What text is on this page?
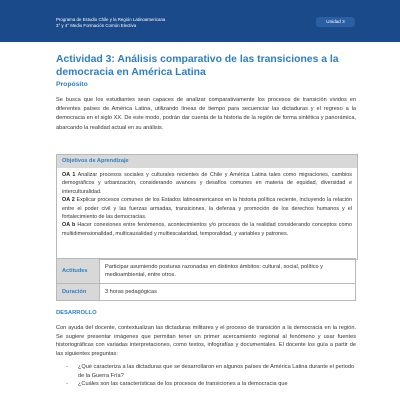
Programa de Estudio Chile y la Región Latinoamericana
3° y 4° Medio Formación Común Electiva
Unidad 3
Actividad 3: Análisis comparativo de las transiciones a la democracia en América Latina
Propósito
Se busca que los estudiantes sean capaces de analizar comparativamente los procesos de transición vividos en diferentes países de América Latina, utilizando líneas de tiempo para secuenciar las dictaduras y el regreso a la democracia en el siglo XX. De este modo, podrán dar cuenta de la historia de la región de forma sintética y panorámica, abarcando la realidad actual en su análisis.
Objetivos de Aprendizaje

OA 1 Analizar procesos sociales y culturales recientes de Chile y América Latina tales como migraciones, cambios demográficos y urbanización, considerando avances y desafíos comunes en materia de equidad, diversidad e interculturalidad.

OA 2 Explicar procesos comunes de los Estados latinoamericanos en la historia política reciente, incluyendo la relación entre el poder civil y las fuerzas armadas, transiciones, la defensa y promoción de los derechos humanos y el fortalecimiento de las democracias.

OA b Hacer conexiones entre fenómenos, acontecimientos y/o procesos de la realidad considerando conceptos como multidimensionalidad, multicausalidad y multiescalaridad, temporalidad, y variables y patrones.

Actitudes	Participar asumiendo posturas razonadas en distintos ámbitos: cultural, social, político y medioambiental, entre otros.
Duración	3 horas pedagógicas
DESARROLLO
Con ayuda del docente, contextualizan las dictaduras militares y el proceso de transición a la democracia en la región. Se sugiere presentar imágenes que permitan tener un primer acercamiento regional al fenómeno y usar fuentes historiográficas con variadas interpretaciones, como textos, infografías y documentales. El docente los guía a partir de las siguientes preguntas:
- ¿Qué caracteriza a las dictaduras que se desarrollaron en algunos países de América Latina durante el periodo de la Guerra Fría?
- ¿Cuáles son las características de los procesos de transiciones a la democracia que
